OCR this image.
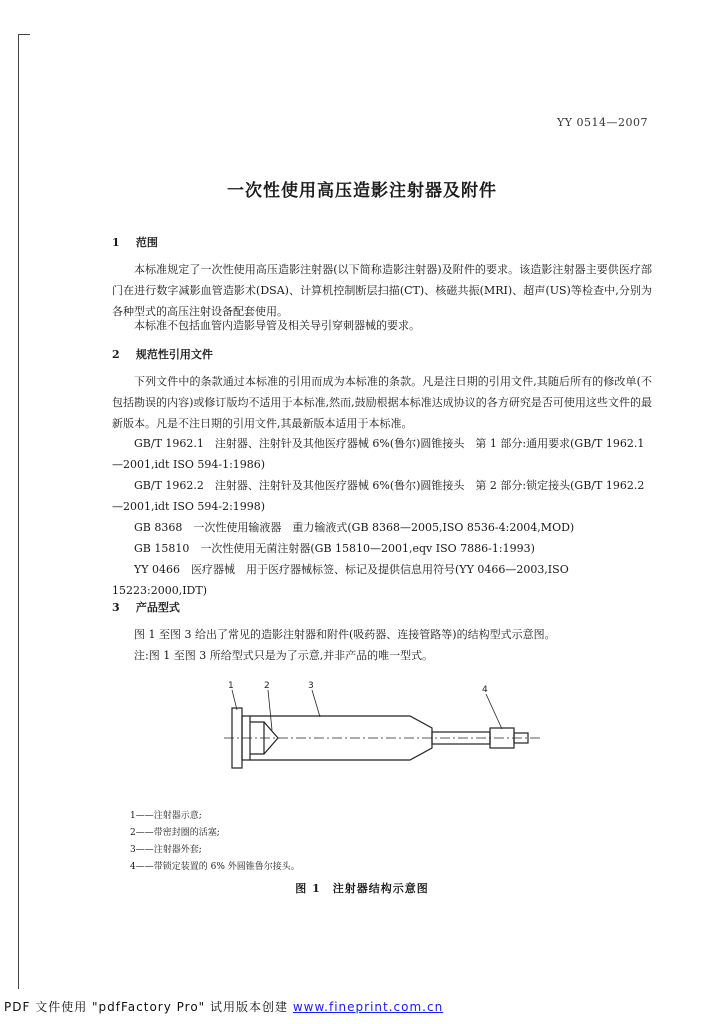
YY 0514—2007
一次性使用高压造影注射器及附件
1 范围
本标准规定了一次性使用高压造影注射器(以下简称造影注射器)及附件的要求。该造影注射器主要供医疗部门在进行数字减影血管造影术(DSA)、计算机控制断层扫描(CT)、核磁共振(MRI)、超声(US)等检查中,分别为各种型式的高压注射设备配套使用。
本标准不包括血管内造影导管及相关导引穿刺器械的要求。
2 规范性引用文件
下列文件中的条款通过本标准的引用而成为本标准的条款。凡是注日期的引用文件,其随后所有的修改单(不包括勘误的内容)或修订版均不适用于本标准,然而,鼓励根据本标准达成协议的各方研究是否可使用这些文件的最新版本。凡是不注日期的引用文件,其最新版本适用于本标准。
GB/T 1962.1　注射器、注射针及其他医疗器械 6%(鲁尔)圆锥接头　第 1 部分:通用要求(GB/T 1962.1—2001,idt ISO 594-1:1986)
GB/T 1962.2　注射器、注射针及其他医疗器械 6%(鲁尔)圆锥接头　第 2 部分:锁定接头(GB/T 1962.2—2001,idt ISO 594-2:1998)
GB 8368　一次性使用输液器　重力输液式(GB 8368—2005,ISO 8536-4:2004,MOD)
GB 15810　一次性使用无菌注射器(GB 15810—2001,eqv ISO 7886-1:1993)
YY 0466　医疗器械　用于医疗器械标签、标记及提供信息用符号(YY 0466—2003,ISO 15223:2000,IDT)
3 产品型式
图 1 至图 3 给出了常见的造影注射器和附件(吸药器、连接管路等)的结构型式示意图。
注:图 1 至图 3 所给型式只是为了示意,并非产品的唯一型式。
1	2	3	4
1——注射器示意;
2——带密封圈的活塞;
3——注射器外套;
4——带锁定装置的 6% 外圆锥鲁尔接头。
图 1　注射器结构示意图
PDF 文件使用 "pdfFactory Pro" 试用版本创建 www.fineprint.com.cn
